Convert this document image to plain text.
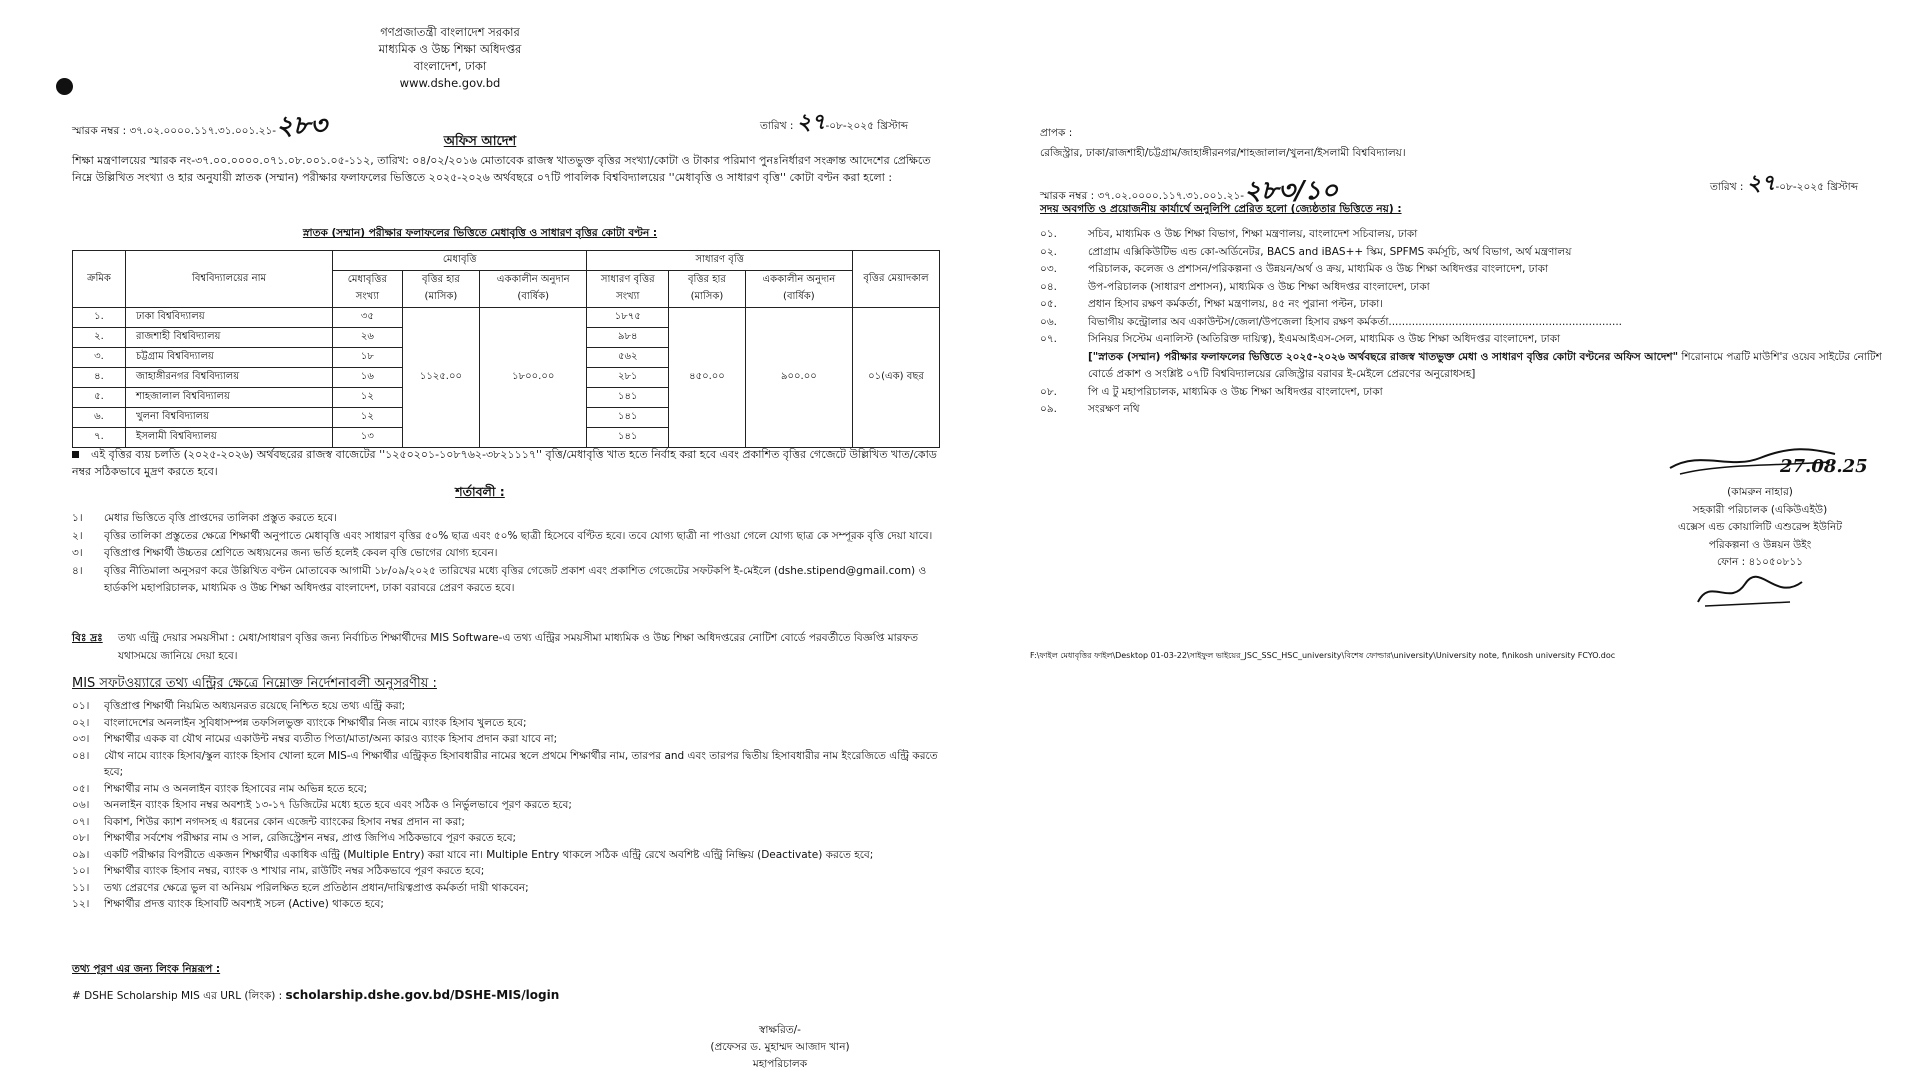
গণপ্রজাতন্ত্রী বাংলাদেশ সরকার
মাধ্যমিক ও উচ্চ শিক্ষা অধিদপ্তর
বাংলাদেশ, ঢাকা
www.dshe.gov.bd
স্মারক নম্বর : ৩৭.০২.০০০০.১১৭.৩১.০০১.২১-২৮৩	তারিখ : ২৭-০৮-২০২৫ খ্রিস্টাব্দ
অফিস আদেশ
শিক্ষা মন্ত্রণালয়ের স্মারক নং-৩৭.০০.০০০০.০৭১.০৮.০০১.০৫-১১২, তারিখ: ০৪/০২/২০১৬ মোতাবেক রাজস্ব খাতভুক্ত বৃত্তির সংখ্যা/কোটা ও টাকার পরিমাণ পুনঃনির্ধারণ সংক্রান্ত আদেশের প্রেক্ষিতে নিম্নে উল্লিখিত সংখ্যা ও হার অনুযায়ী স্নাতক (সম্মান) পরীক্ষার ফলাফলের ভিত্তিতে ২০২৫-২০২৬ অর্থবছরে ০৭টি পাবলিক বিশ্ববিদ্যালয়ের ''মেধাবৃত্তি ও সাধারণ বৃত্তি'' কোটা বণ্টন করা হলো :
স্নাতক (সম্মান) পরীক্ষার ফলাফলের ভিত্তিতে মেধাবৃত্তি ও সাধারণ বৃত্তির কোটা বণ্টন :
ক্রমিক	বিশ্ববিদ্যালয়ের নাম	মেধাবৃত্তি			সাধারণ বৃত্তি			বৃত্তির মেয়াদকাল
		মেধাবৃত্তির সংখ্যা	বৃত্তির হার (মাসিক)	এককালীন অনুদান (বার্ষিক)	সাধারণ বৃত্তির সংখ্যা	বৃত্তির হার (মাসিক)	এককালীন অনুদান (বার্ষিক)	
১.	ঢাকা বিশ্ববিদ্যালয়	৩৫	১১২৫.০০	১৮০০.০০	১৮৭৫	৪৫০.০০	৯০০.০০	০১(এক) বছর
২.	রাজশাহী বিশ্ববিদ্যালয়	২৬			৯৮৪			
৩.	চট্টগ্রাম বিশ্ববিদ্যালয়	১৮			৫৬২			
৪.	জাহাঙ্গীরনগর বিশ্ববিদ্যালয়	১৬			২৮১			
৫.	শাহজালাল বিশ্ববিদ্যালয়	১২			১৪১			
৬.	খুলনা বিশ্ববিদ্যালয়	১২			১৪১			
৭.	ইসলামী বিশ্ববিদ্যালয়	১৩			১৪১			
এই বৃত্তির ব্যয় চলতি (২০২৫-২০২৬) অর্থবছরের রাজস্ব বাজেটের ''১২৫০২০১-১০৮৭৬২-৩৮২১১১৭'' বৃত্তি/মেধাবৃত্তি খাত হতে নির্বাহ করা হবে এবং প্রকাশিত বৃত্তির গেজেটে উল্লিখিত খাত/কোড নম্বর সঠিকভাবে মুদ্রণ করতে হবে।
শর্তাবলী :
১।	মেধার ভিত্তিতে বৃত্তি প্রাপ্তদের তালিকা প্রস্তুত করতে হবে।
২।	বৃত্তির তালিকা প্রস্তুতের ক্ষেত্রে শিক্ষার্থী অনুপাতে মেধাবৃত্তি এবং সাধারণ বৃত্তির ৫০% ছাত্র এবং ৫০% ছাত্রী হিসেবে বণ্টিত হবে। তবে যোগ্য ছাত্রী না পাওয়া গেলে যোগ্য ছাত্র কে সম্পূরক বৃত্তি দেয়া যাবে।
৩।	বৃত্তিপ্রাপ্ত শিক্ষার্থী উচ্চতর শ্রেণিতে অধ্যয়নের জন্য ভর্তি হলেই কেবল বৃত্তি ভোগের যোগ্য হবেন।
৪।	বৃত্তির নীতিমালা অনুসরণ করে উল্লিখিত বণ্টন মোতাবেক আগামী ১৮/০৯/২০২৫ তারিখের মধ্যে বৃত্তির গেজেট প্রকাশ এবং প্রকাশিত গেজেটের সফটকপি ই-মেইলে (dshe.stipend@gmail.com) ও হার্ডকপি মহাপরিচালক, মাধ্যমিক ও উচ্চ শিক্ষা অধিদপ্তর বাংলাদেশ, ঢাকা বরাবরে প্রেরণ করতে হবে।
বিঃ দ্রঃ	তথ্য এন্ট্রি দেয়ার সময়সীমা : মেধা/সাধারণ বৃত্তির জন্য নির্বাচিত শিক্ষার্থীদের MIS Software-এ তথ্য এন্ট্রির সময়সীমা মাধ্যমিক ও উচ্চ শিক্ষা অধিদপ্তরের নোটিশ বোর্ডে পরবর্তীতে বিজ্ঞপ্তি মারফত যথাসময়ে জানিয়ে দেয়া হবে।
MIS সফটওয়্যারে তথ্য এন্ট্রির ক্ষেত্রে নিম্নোক্ত নির্দেশনাবলী অনুসরণীয় :
০১।	বৃত্তিপ্রাপ্ত শিক্ষার্থী নিয়মিত অধ্যয়নরত রয়েছে নিশ্চিত হয়ে তথ্য এন্ট্রি করা;
০২।	বাংলাদেশের অনলাইন সুবিধাসম্পন্ন তফসিলভুক্ত ব্যাংকে শিক্ষার্থীর নিজ নামে ব্যাংক হিসাব খুলতে হবে;
০৩।	শিক্ষার্থীর একক বা যৌথ নামের একাউন্ট নম্বর ব্যতীত পিতা/মাতা/অন্য কারও ব্যাংক হিসাব প্রদান করা যাবে না;
০৪।	যৌথ নামে ব্যাংক হিসাব/স্কুল ব্যাংক হিসাব খোলা হলে MIS-এ শিক্ষার্থীর এন্ট্রিকৃত হিসাবধারীর নামের স্থলে প্রথমে শিক্ষার্থীর নাম, তারপর and এবং তারপর দ্বিতীয় হিসাবধারীর নাম ইংরেজিতে এন্ট্রি করতে হবে;
০৫।	শিক্ষার্থীর নাম ও অনলাইন ব্যাংক হিসাবের নাম অভিন্ন হতে হবে;
০৬।	অনলাইন ব্যাংক হিসাব নম্বর অবশ্যই ১৩-১৭ ডিজিটের মধ্যে হতে হবে এবং সঠিক ও নির্ভুলভাবে পূরণ করতে হবে;
০৭।	বিকাশ, শিউর ক্যাশ নগদসহ এ ধরনের কোন এজেন্ট ব্যাংকের হিসাব নম্বর প্রদান না করা;
০৮।	শিক্ষার্থীর সর্বশেষ পরীক্ষার নাম ও সাল, রেজিস্ট্রেশন নম্বর, প্রাপ্ত জিপিএ সঠিকভাবে পূরণ করতে হবে;
০৯।	একটি পরীক্ষার বিপরীতে একজন শিক্ষার্থীর একাধিক এন্ট্রি (Multiple Entry) করা যাবে না। Multiple Entry থাকলে সঠিক এন্ট্রি রেখে অবশিষ্ট এন্ট্রি নিষ্ক্রিয় (Deactivate) করতে হবে;
১০।	শিক্ষার্থীর ব্যাংক হিসাব নম্বর, ব্যাংক ও শাখার নাম, রাউটিং নম্বর সঠিকভাবে পূরণ করতে হবে;
১১।	তথ্য প্রেরণের ক্ষেত্রে ভুল বা অনিয়ম পরিলক্ষিত হলে প্রতিষ্ঠান প্রধান/দায়িত্বপ্রাপ্ত কর্মকর্তা দায়ী থাকবেন;
১২।	শিক্ষার্থীর প্রদত্ত ব্যাংক হিসাবটি অবশ্যই সচল (Active) থাকতে হবে;
তথ্য পূরণ এর জন্য লিংক নিম্নরূপ :
# DSHE Scholarship MIS এর URL (লিংক) : scholarship.dshe.gov.bd/DSHE-MIS/login
স্বাক্ষরিত/-
(প্রফেসর ড. মুহাম্মদ আজাদ খান)
মহাপরিচালক
প্রাপক :
রেজিস্ট্রার, ঢাকা/রাজশাহী/চট্টগ্রাম/জাহাঙ্গীরনগর/শাহজালাল/খুলনা/ইসলামী বিশ্ববিদ্যালয়।
স্মারক নম্বর : ৩৭.০২.০০০০.১১৭.৩১.০০১.২১-২৮৩/১০	তারিখ : ২৭-০৮-২০২৫ খ্রিস্টাব্দ
সদয় অবগতি ও প্রয়োজনীয় কার্যার্থে অনুলিপি প্রেরিত হলো (জ্যেষ্ঠতার ভিত্তিতে নয়) :
০১.	সচিব, মাধ্যমিক ও উচ্চ শিক্ষা বিভাগ, শিক্ষা মন্ত্রণালয়, বাংলাদেশ সচিবালয়, ঢাকা
০২.	প্রোগ্রাম এক্সিকিউটিভ এন্ড কো-অর্ডিনেটর, BACS and iBAS++ স্কিম, SPFMS কর্মসূচি, অর্থ বিভাগ, অর্থ মন্ত্রণালয়
০৩.	পরিচালক, কলেজ ও প্রশাসন/পরিকল্পনা ও উন্নয়ন/অর্থ ও ক্রয়, মাধ্যমিক ও উচ্চ শিক্ষা অধিদপ্তর বাংলাদেশ, ঢাকা
০৪.	উপ-পরিচালক (সাধারণ প্রশাসন), মাধ্যমিক ও উচ্চ শিক্ষা অধিদপ্তর বাংলাদেশ, ঢাকা
০৫.	প্রধান হিসাব রক্ষণ কর্মকর্তা, শিক্ষা মন্ত্রণালয়, ৪৫ নং পুরানা পল্টন, ঢাকা।
০৬.	বিভাগীয় কন্ট্রোলার অব একাউন্টস/জেলা/উপজেলা হিসাব রক্ষণ কর্মকর্তা......................................................................
০৭.	সিনিয়র সিস্টেম এনালিস্ট (অতিরিক্ত দায়িত্ব), ইএমআইএস-সেল, মাধ্যমিক ও উচ্চ শিক্ষা অধিদপ্তর বাংলাদেশ, ঢাকা
["স্নাতক (সম্মান) পরীক্ষার ফলাফলের ভিত্তিতে ২০২৫-২০২৬ অর্থবছরে রাজস্ব খাতভুক্ত মেধা ও সাধারণ বৃত্তির কোটা বণ্টনের অফিস আদেশ" শিরোনামে পত্রটি মাউশি'র ওয়েব সাইটের নোটিশ বোর্ডে প্রকাশ ও সংশ্লিষ্ট ০৭টি বিশ্ববিদ্যালয়ের রেজিস্ট্রার বরাবর ই-মেইলে প্রেরণের অনুরোধসহ]
০৮.	পি এ টু মহাপরিচালক, মাধ্যমিক ও উচ্চ শিক্ষা অধিদপ্তর বাংলাদেশ, ঢাকা
০৯.	সংরক্ষণ নথি
27.08.25
(কামরুন নাহার)
সহকারী পরিচালক (একিউএইউ)
এক্সেস এন্ড কোয়ালিটি এশুরেন্স ইউনিট
পরিকল্পনা ও উন্নয়ন উইং
ফোন : ৪১০৫০৮১১
F:\ফাইল মেধাবৃত্তির ফাইল\Desktop 01-03-22\সাইফুল ভাইয়ের_JSC_SSC_HSC_university\বিশেষ ফোল্ডার\university\University note, f\nikosh university FCYO.doc
